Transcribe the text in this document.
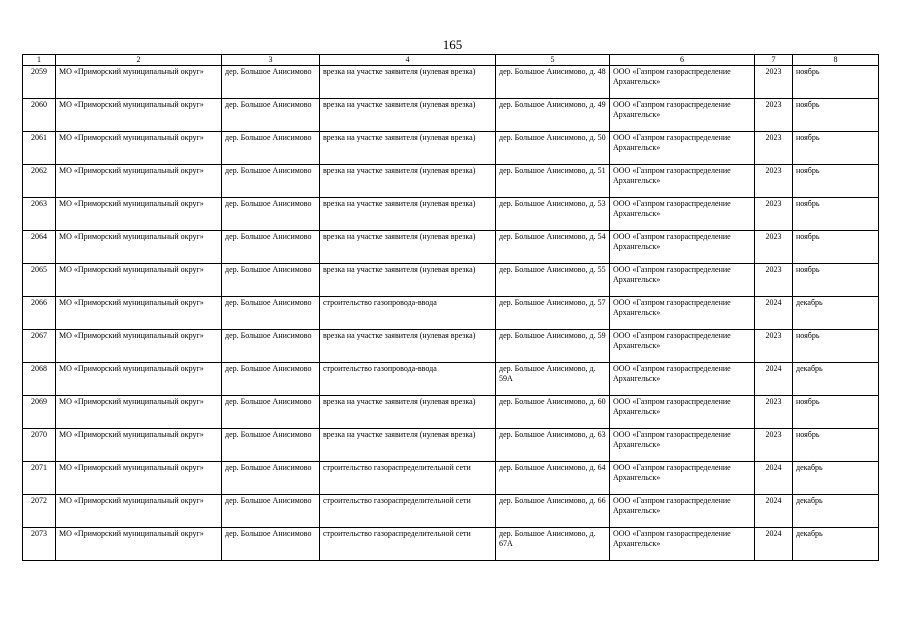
165
1	2	3	4	5	6	7	8
2059	МО «Приморский муниципальный округ»	дер. Большое Анисимово	врезка на участке заявителя (нулевая врезка)	дер. Большое Анисимово, д. 48	ООО «Газпром газораспределение Архангельск»	2023	ноябрь
2060	МО «Приморский муниципальный округ»	дер. Большое Анисимово	врезка на участке заявителя (нулевая врезка)	дер. Большое Анисимово, д. 49	ООО «Газпром газораспределение Архангельск»	2023	ноябрь
2061	МО «Приморский муниципальный округ»	дер. Большое Анисимово	врезка на участке заявителя (нулевая врезка)	дер. Большое Анисимово, д. 50	ООО «Газпром газораспределение Архангельск»	2023	ноябрь
2062	МО «Приморский муниципальный округ»	дер. Большое Анисимово	врезка на участке заявителя (нулевая врезка)	дер. Большое Анисимово, д. 51	ООО «Газпром газораспределение Архангельск»	2023	ноябрь
2063	МО «Приморский муниципальный округ»	дер. Большое Анисимово	врезка на участке заявителя (нулевая врезка)	дер. Большое Анисимово, д. 53	ООО «Газпром газораспределение Архангельск»	2023	ноябрь
2064	МО «Приморский муниципальный округ»	дер. Большое Анисимово	врезка на участке заявителя (нулевая врезка)	дер. Большое Анисимово, д. 54	ООО «Газпром газораспределение Архангельск»	2023	ноябрь
2065	МО «Приморский муниципальный округ»	дер. Большое Анисимово	врезка на участке заявителя (нулевая врезка)	дер. Большое Анисимово, д. 55	ООО «Газпром газораспределение Архангельск»	2023	ноябрь
2066	МО «Приморский муниципальный округ»	дер. Большое Анисимово	строительство газопровода-ввода	дер. Большое Анисимово, д. 57	ООО «Газпром газораспределение Архангельск»	2024	декабрь
2067	МО «Приморский муниципальный округ»	дер. Большое Анисимово	врезка на участке заявителя (нулевая врезка)	дер. Большое Анисимово, д. 59	ООО «Газпром газораспределение Архангельск»	2023	ноябрь
2068	МО «Приморский муниципальный округ»	дер. Большое Анисимово	строительство газопровода-ввода	дер. Большое Анисимово, д. 59А	ООО «Газпром газораспределение Архангельск»	2024	декабрь
2069	МО «Приморский муниципальный округ»	дер. Большое Анисимово	врезка на участке заявителя (нулевая врезка)	дер. Большое Анисимово, д. 60	ООО «Газпром газораспределение Архангельск»	2023	ноябрь
2070	МО «Приморский муниципальный округ»	дер. Большое Анисимово	врезка на участке заявителя (нулевая врезка)	дер. Большое Анисимово, д. 63	ООО «Газпром газораспределение Архангельск»	2023	ноябрь
2071	МО «Приморский муниципальный округ»	дер. Большое Анисимово	строительство газораспределительной сети	дер. Большое Анисимово, д. 64	ООО «Газпром газораспределение Архангельск»	2024	декабрь
2072	МО «Приморский муниципальный округ»	дер. Большое Анисимово	строительство газораспределительной сети	дер. Большое Анисимово, д. 66	ООО «Газпром газораспределение Архангельск»	2024	декабрь
2073	МО «Приморский муниципальный округ»	дер. Большое Анисимово	строительство газораспределительной сети	дер. Большое Анисимово, д. 67А	ООО «Газпром газораспределение Архангельск»	2024	декабрь
